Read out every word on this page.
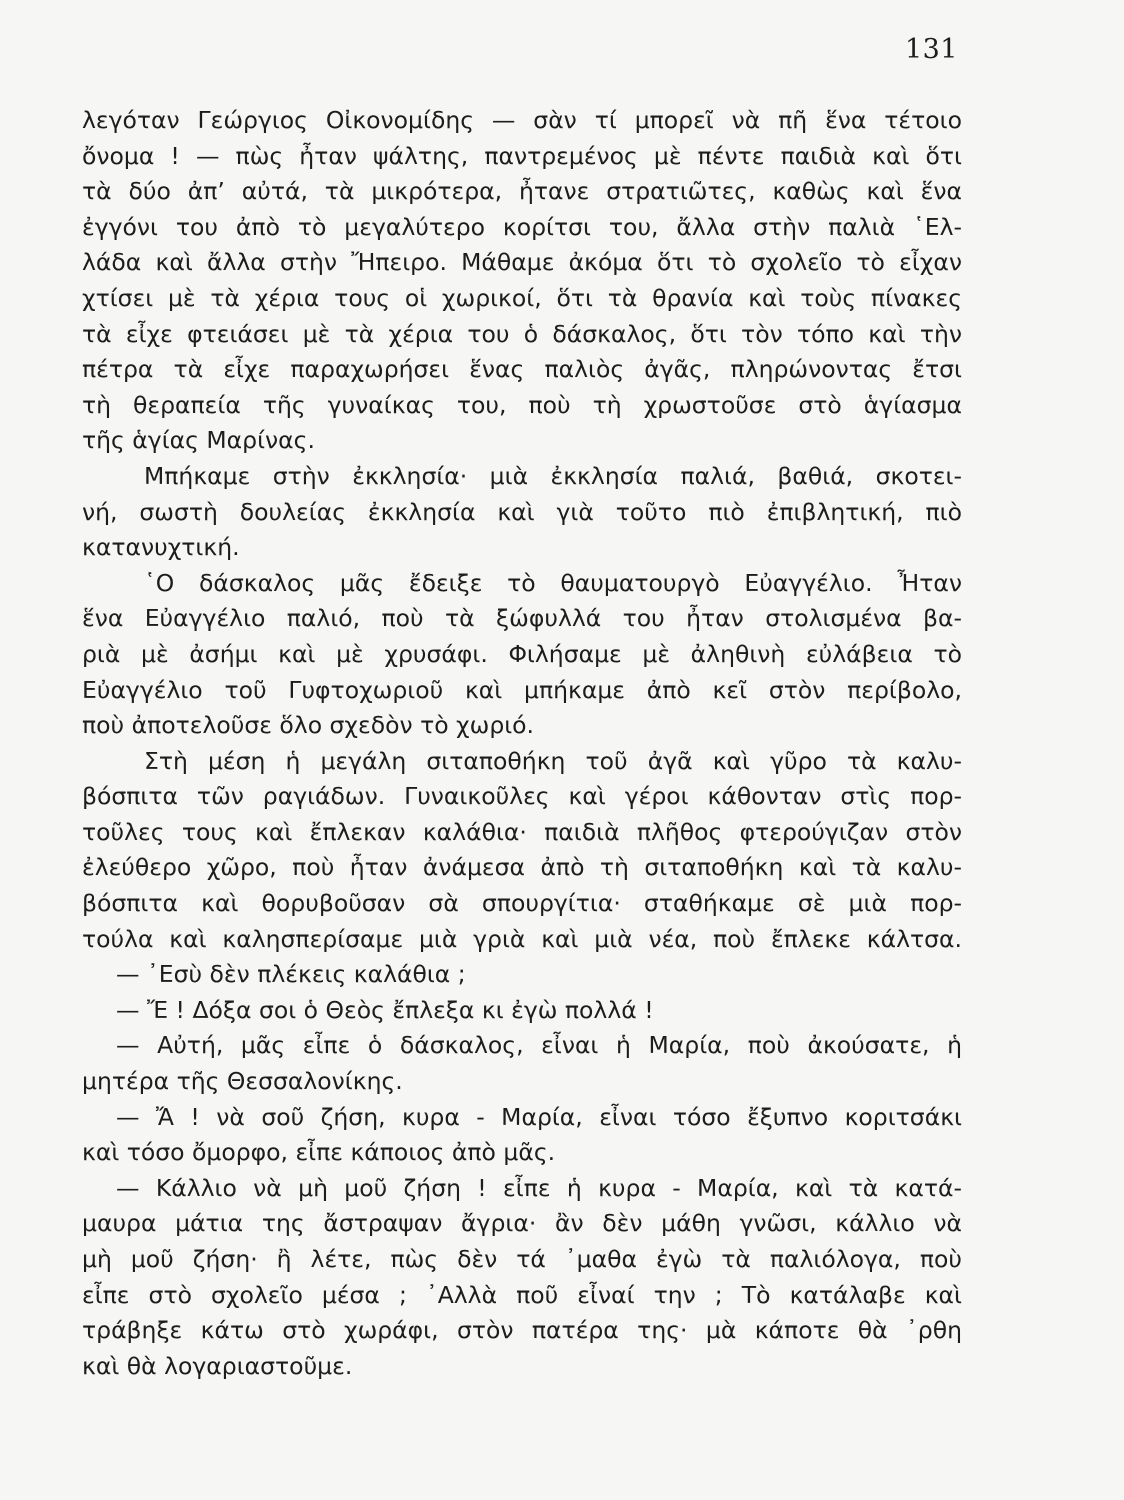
131

λεγόταν Γεώργιος Οἰκονομίδης — σὰν τί μπορεῖ νὰ πῆ ἕνα τέτοιο
ὄνομα ! — πὼς ἦταν ψάλτης, παντρεμένος μὲ πέντε παιδιὰ καὶ ὅτι
τὰ δύο ἀπ’ αὐτά, τὰ μικρότερα, ἦτανε στρατιῶτες, καθὼς καὶ ἕνα
ἐγγόνι του ἀπὸ τὸ μεγαλύτερο κορίτσι του, ἄλλα στὴν παλιὰ ῾Ελ-
λάδα καὶ ἄλλα στὴν Ἤπειρο. Μάθαμε ἀκόμα ὅτι τὸ σχολεῖο τὸ εἶχαν
χτίσει μὲ τὰ χέρια τους οἱ χωρικοί, ὅτι τὰ θρανία καὶ τοὺς πίνακες
τὰ εἶχε φτειάσει μὲ τὰ χέρια του ὁ δάσκαλος, ὅτι τὸν τόπο καὶ τὴν
πέτρα τὰ εἶχε παραχωρήσει ἕνας παλιὸς ἀγᾶς, πληρώνοντας ἔτσι
τὴ θεραπεία τῆς γυναίκας του, ποὺ τὴ χρωστοῦσε στὸ ἁγίασμα
τῆς ἁγίας Μαρίνας.

Μπήκαμε στὴν ἐκκλησία· μιὰ ἐκκλησία παλιά, βαθιά, σκοτει-
νή, σωστὴ δουλείας ἐκκλησία καὶ γιὰ τοῦτο πιὸ ἐπιβλητική, πιὸ
κατανυχτική.

῾Ο δάσκαλος μᾶς ἔδειξε τὸ θαυματουργὸ Εὐαγγέλιο. Ἦταν
ἕνα Εὐαγγέλιο παλιό, ποὺ τὰ ξώφυλλά του ἦταν στολισμένα βα-
ριὰ μὲ ἀσήμι καὶ μὲ χρυσάφι. Φιλήσαμε μὲ ἀληθινὴ εὐλάβεια τὸ
Εὐαγγέλιο τοῦ Γυφτοχωριοῦ καὶ μπήκαμε ἀπὸ κεῖ στὸν περίβολο,
ποὺ ἀποτελοῦσε ὅλο σχεδὸν τὸ χωριό.

Στὴ μέση ἡ μεγάλη σιταποθήκη τοῦ ἀγᾶ καὶ γῦρο τὰ καλυ-
βόσπιτα τῶν ραγιάδων. Γυναικοῦλες καὶ γέροι κάθονταν στὶς πορ-
τοῦλες τους καὶ ἔπλεκαν καλάθια· παιδιὰ πλῆθος φτερούγιζαν στὸν
ἐλεύθερο χῶρο, ποὺ ἦταν ἀνάμεσα ἀπὸ τὴ σιταποθήκη καὶ τὰ καλυ-
βόσπιτα καὶ θορυβοῦσαν σὰ σπουργίτια· σταθήκαμε σὲ μιὰ πορ-
τούλα καὶ καλησπερίσαμε μιὰ γριὰ καὶ μιὰ νέα, ποὺ ἔπλεκε κάλτσα.

— ᾿Εσὺ δὲν πλέκεις καλάθια ;

— Ἔ ! Δόξα σοι ὁ Θεὸς ἔπλεξα κι ἐγὼ πολλά !

— Αὐτή, μᾶς εἶπε ὁ δάσκαλος, εἶναι ἡ Μαρία, ποὺ ἀκούσατε, ἡ
μητέρα τῆς Θεσσαλονίκης.

— Ἄ ! νὰ σοῦ ζήση, κυρα - Μαρία, εἶναι τόσο ἔξυπνο κοριτσάκι
καὶ τόσο ὄμορφο, εἶπε κάποιος ἀπὸ μᾶς.

— Κάλλιο νὰ μὴ μοῦ ζήση ! εἶπε ἡ κυρα - Μαρία, καὶ τὰ κατά-
μαυρα μάτια της ἄστραψαν ἄγρια· ἂν δὲν μάθη γνῶσι, κάλλιο νὰ
μὴ μοῦ ζήση· ἢ λέτε, πὼς δὲν τά ᾿μαθα ἐγὼ τὰ παλιόλογα, ποὺ
εἶπε στὸ σχολεῖο μέσα ; ᾿Αλλὰ ποῦ εἶναί την ; Τὸ κατάλαβε καὶ
τράβηξε κάτω στὸ χωράφι, στὸν πατέρα της· μὰ κάποτε θὰ ᾿ρθη
καὶ θὰ λογαριαστοῦμε.
